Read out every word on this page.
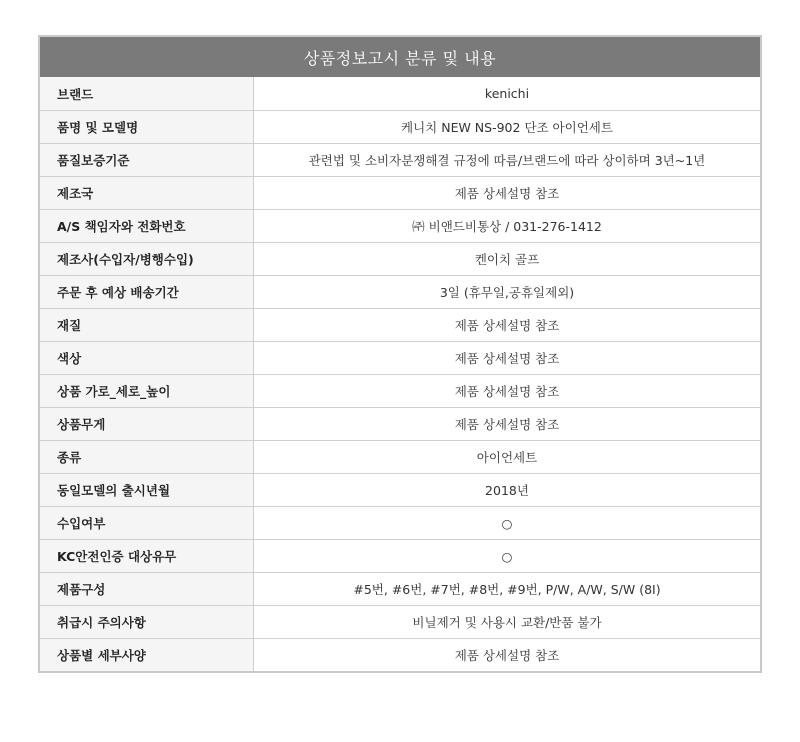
상품정보고시 분류 및 내용
브랜드	kenichi
품명 및 모델명	케니치 NEW NS-902 단조 아이언세트
품질보증기준	관련법 및 소비자분쟁해결 규정에 따름/브랜드에 따라 상이하며 3년~1년
제조국	제품 상세설명 참조
A/S 책임자와 전화번호	㈜ 비앤드비통상 / 031-276-1412
제조사(수입자/병행수입)	켄이치 골프
주문 후 예상 배송기간	3일 (휴무일,공휴일제외)
재질	제품 상세설명 참조
색상	제품 상세설명 참조
상품 가로_세로_높이	제품 상세설명 참조
상품무게	제품 상세설명 참조
종류	아이언세트
동일모델의 출시년월	2018년
수입여부	○
KC안전인증 대상유무	○
제품구성	#5번, #6번, #7번, #8번, #9번, P/W, A/W, S/W (8I)
취급시 주의사항	비닐제거 및 사용시 교환/반품 불가
상품별 세부사양	제품 상세설명 참조
